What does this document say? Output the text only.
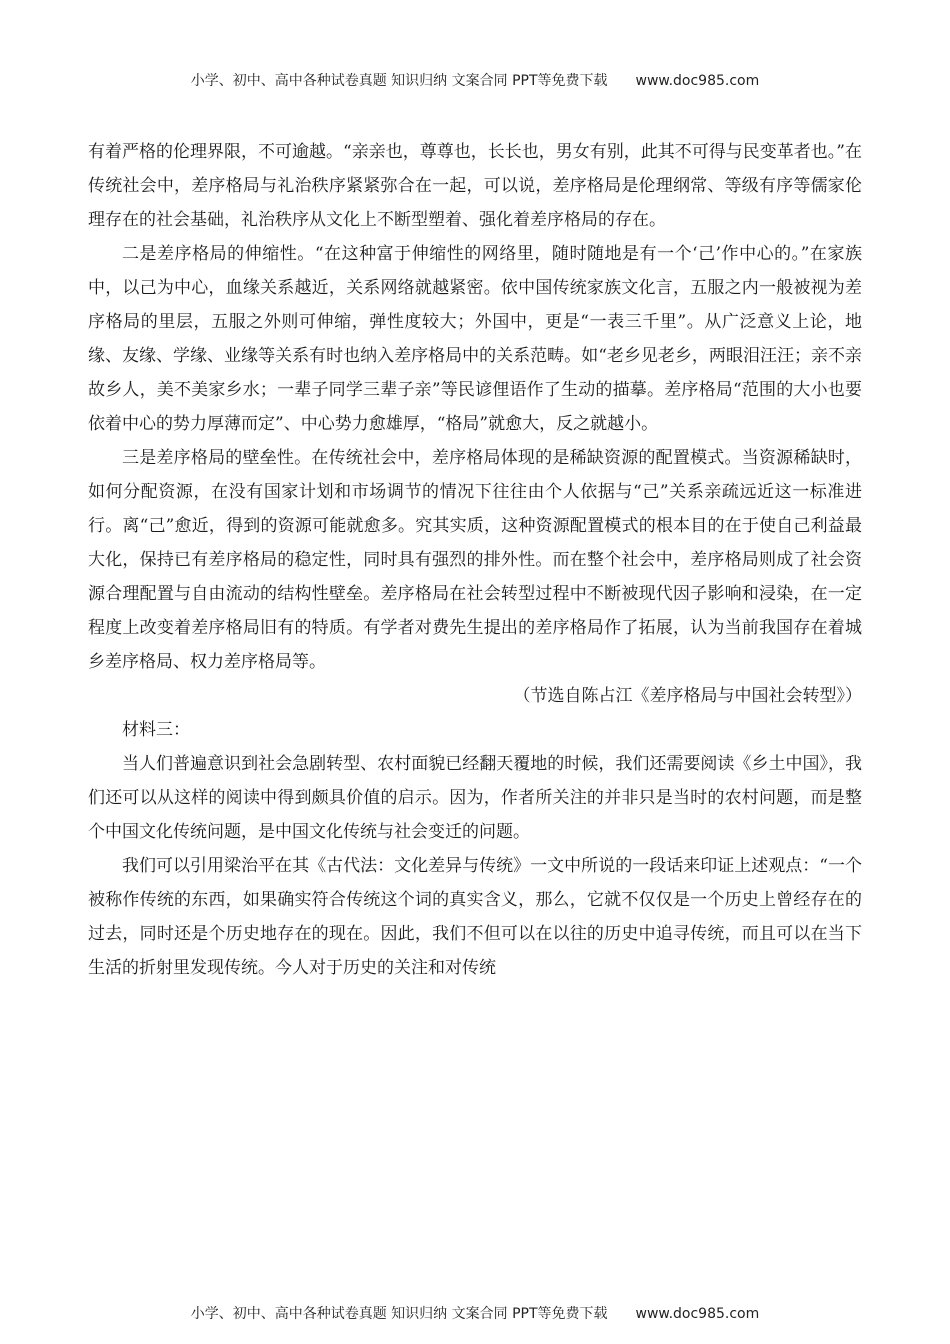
小学、初中、高中各种试卷真题 知识归纳 文案合同 PPT等免费下载 www.doc985.com

有着严格的伦理界限，不可逾越。“亲亲也，尊尊也，长长也，男女有别，此其不可得与民变革者也。”在传统社会中，差序格局与礼治秩序紧紧弥合在一起，可以说，差序格局是伦理纲常、等级有序等儒家伦理存在的社会基础，礼治秩序从文化上不断型塑着、强化着差序格局的存在。

二是差序格局的伸缩性。“在这种富于伸缩性的网络里，随时随地是有一个‘己’作中心的。”在家族中，以己为中心，血缘关系越近，关系网络就越紧密。依中国传统家族文化言，五服之内一般被视为差序格局的里层，五服之外则可伸缩，弹性度较大；外国中，更是“一表三千里”。从广泛意义上论，地缘、友缘、学缘、业缘等关系有时也纳入差序格局中的关系范畴。如“老乡见老乡，两眼泪汪汪；亲不亲故乡人，美不美家乡水；一辈子同学三辈子亲”等民谚俚语作了生动的描摹。差序格局“范围的大小也要依着中心的势力厚薄而定”、中心势力愈雄厚，“格局”就愈大，反之就越小。

三是差序格局的壁垒性。在传统社会中，差序格局体现的是稀缺资源的配置模式。当资源稀缺时，如何分配资源，在没有国家计划和市场调节的情况下往往由个人依据与“己”关系亲疏远近这一标准进行。离“己”愈近，得到的资源可能就愈多。究其实质，这种资源配置模式的根本目的在于使自己利益最大化，保持已有差序格局的稳定性，同时具有强烈的排外性。而在整个社会中，差序格局则成了社会资源合理配置与自由流动的结构性壁垒。差序格局在社会转型过程中不断被现代因子影响和浸染，在一定程度上改变着差序格局旧有的特质。有学者对费先生提出的差序格局作了拓展，认为当前我国存在着城乡差序格局、权力差序格局等。

（节选自陈占江《差序格局与中国社会转型》）

材料三：

当人们普遍意识到社会急剧转型、农村面貌已经翻天覆地的时候，我们还需要阅读《乡土中国》，我们还可以从这样的阅读中得到颇具价值的启示。因为，作者所关注的并非只是当时的农村问题，而是整个中国文化传统问题，是中国文化传统与社会变迁的问题。

我们可以引用梁治平在其《古代法：文化差异与传统》一文中所说的一段话来印证上述观点：“一个被称作传统的东西，如果确实符合传统这个词的真实含义，那么，它就不仅仅是一个历史上曾经存在的过去，同时还是个历史地存在的现在。因此，我们不但可以在以往的历史中追寻传统，而且可以在当下生活的折射里发现传统。今人对于历史的关注和对传统

小学、初中、高中各种试卷真题 知识归纳 文案合同 PPT等免费下载 www.doc985.com
